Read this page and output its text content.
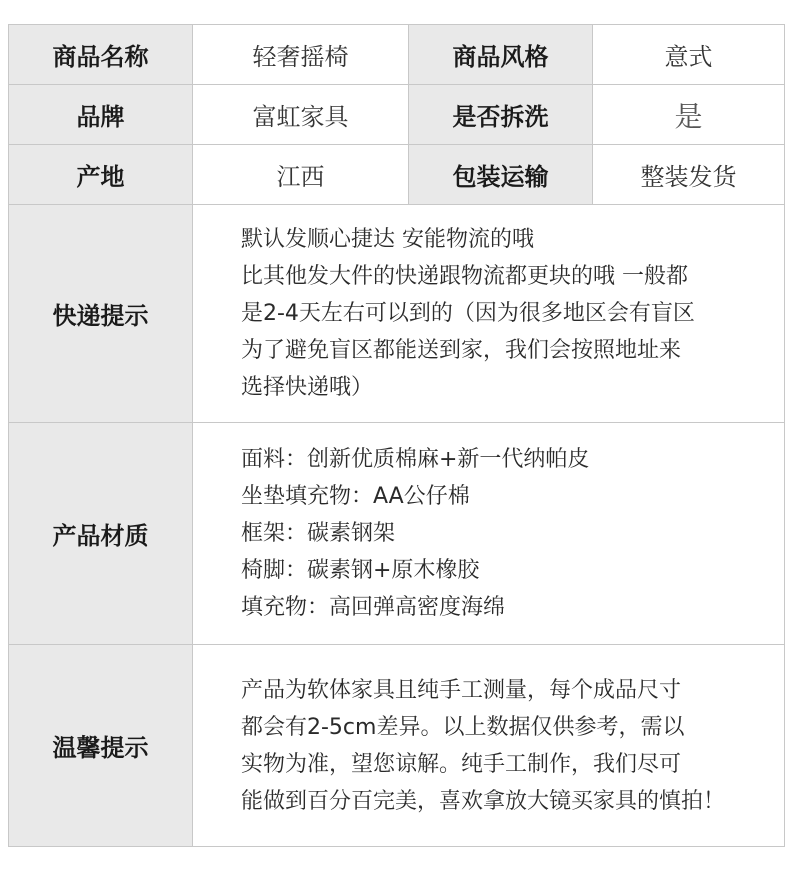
商品名称	轻奢摇椅	商品风格	意式
品牌	富虹家具	是否拆洗	是
产地	江西	包装运输	整装发货
快递提示	默认发顺心捷达 安能物流的哦
比其他发大件的快递跟物流都更块的哦 一般都
是2-4天左右可以到的（因为很多地区会有盲区
为了避免盲区都能送到家，我们会按照地址来
选择快递哦）		

产品材质	面料：创新优质棉麻+新一代纳帕皮
坐垫填充物：AA公仔棉
框架：碳素钢架
椅脚：碳素钢+原木橡胶
填充物：高回弹高密度海绵		

温馨提示	产品为软体家具且纯手工测量，每个成品尺寸
都会有2-5cm差异。以上数据仅供参考，需以
实物为准，望您谅解。纯手工制作，我们尽可
能做到百分百完美，喜欢拿放大镜买家具的慎拍！		
